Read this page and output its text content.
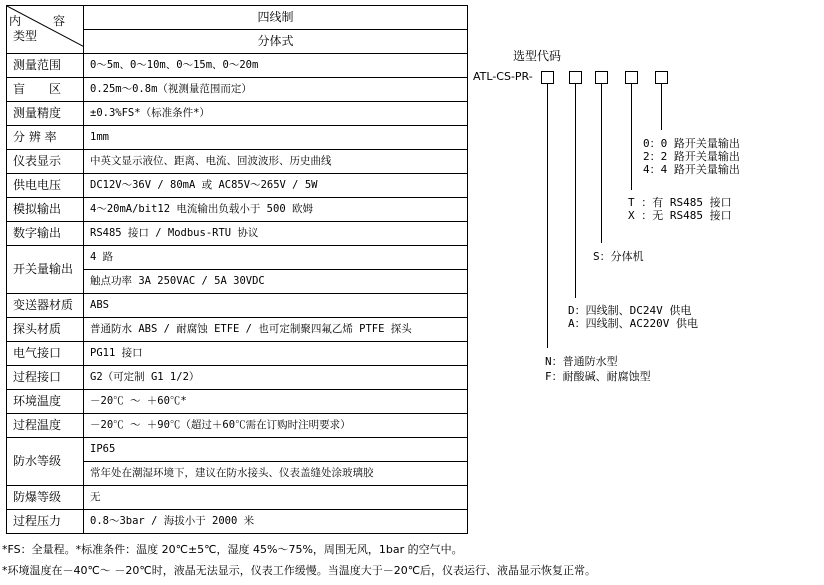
内　容
类型	四线制
	分体式
测量范围	0～5m、0～10m、0～15m、0～20m
盲　　区	0.25m～0.8m（视测量范围而定）
测量精度	±0.3%FS*（标准条件*）
分 辨 率	1mm
仪表显示	中英文显示液位、距离、电流、回波波形、历史曲线
供电电压	DC12V～36V / 80mA 或 AC85V～265V / 5W
模拟输出	4～20mA/bit12 电流输出负载小于 500 欧姆
数字输出	RS485 接口 / Modbus-RTU 协议
开关量输出	4 路
	触点功率 3A 250VAC / 5A 30VDC
变送器材质	ABS
探头材质	普通防水 ABS / 耐腐蚀 ETFE / 也可定制聚四氟乙烯 PTFE 探头
电气接口	PG11 接口
过程接口	G2（可定制 G1 1/2）
环境温度	－20℃ ～ ＋60℃*
过程温度	－20℃ ～ ＋90℃（超过＋60℃需在订购时注明要求）
防水等级	IP65
	常年处在潮湿环境下，建议在防水接头、仪表盖缝处涂玻璃胶
防爆等级	无
过程压力	0.8～3bar / 海拔小于 2000 米
*FS：全量程。*标准条件：温度 20℃±5℃，湿度 45%～75%，周围无风，1bar 的空气中。
*环境温度在－40℃～ －20℃时，液晶无法显示，仪表工作缓慢。当温度大于－20℃后，仪表运行、液晶显示恢复正常。
选型代码
ATL-CS-PR-
0：0 路开关量输出
2：2 路开关量输出
4：4 路开关量输出
T ：有 RS485 接口
X ：无 RS485 接口
S：分体机
D：四线制、DC24V 供电
A：四线制、AC220V 供电
N：普通防水型
F：耐酸碱、耐腐蚀型
